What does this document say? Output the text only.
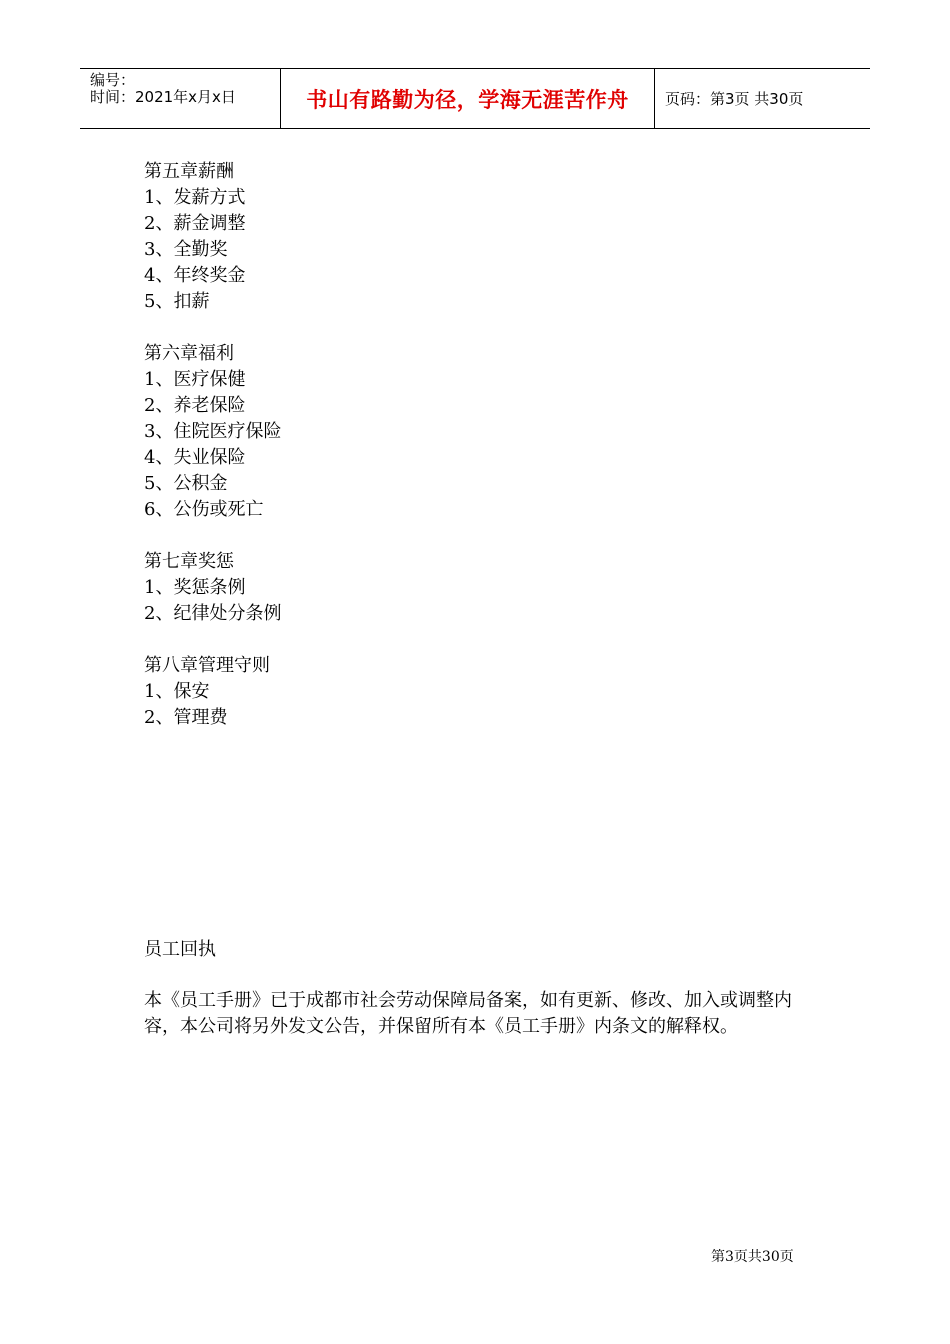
编号：
时间：2021年x月x日	书山有路勤为径，学海无涯苦作舟	页码：第3页 共30页
第五章薪酬
1、发薪方式
2、薪金调整
3、全勤奖
4、年终奖金
5、扣薪
第六章福利
1、医疗保健
2、养老保险
3、住院医疗保险
4、失业保险
5、公积金
6、公伤或死亡
第七章奖惩
1、奖惩条例
2、纪律处分条例
第八章管理守则
1、保安
2、管理费
员工回执
本《员工手册》已于成都市社会劳动保障局备案，如有更新、修改、加入或调整内容，本公司将另外发文公告，并保留所有本《员工手册》内条文的解释权。
第3页共30页
